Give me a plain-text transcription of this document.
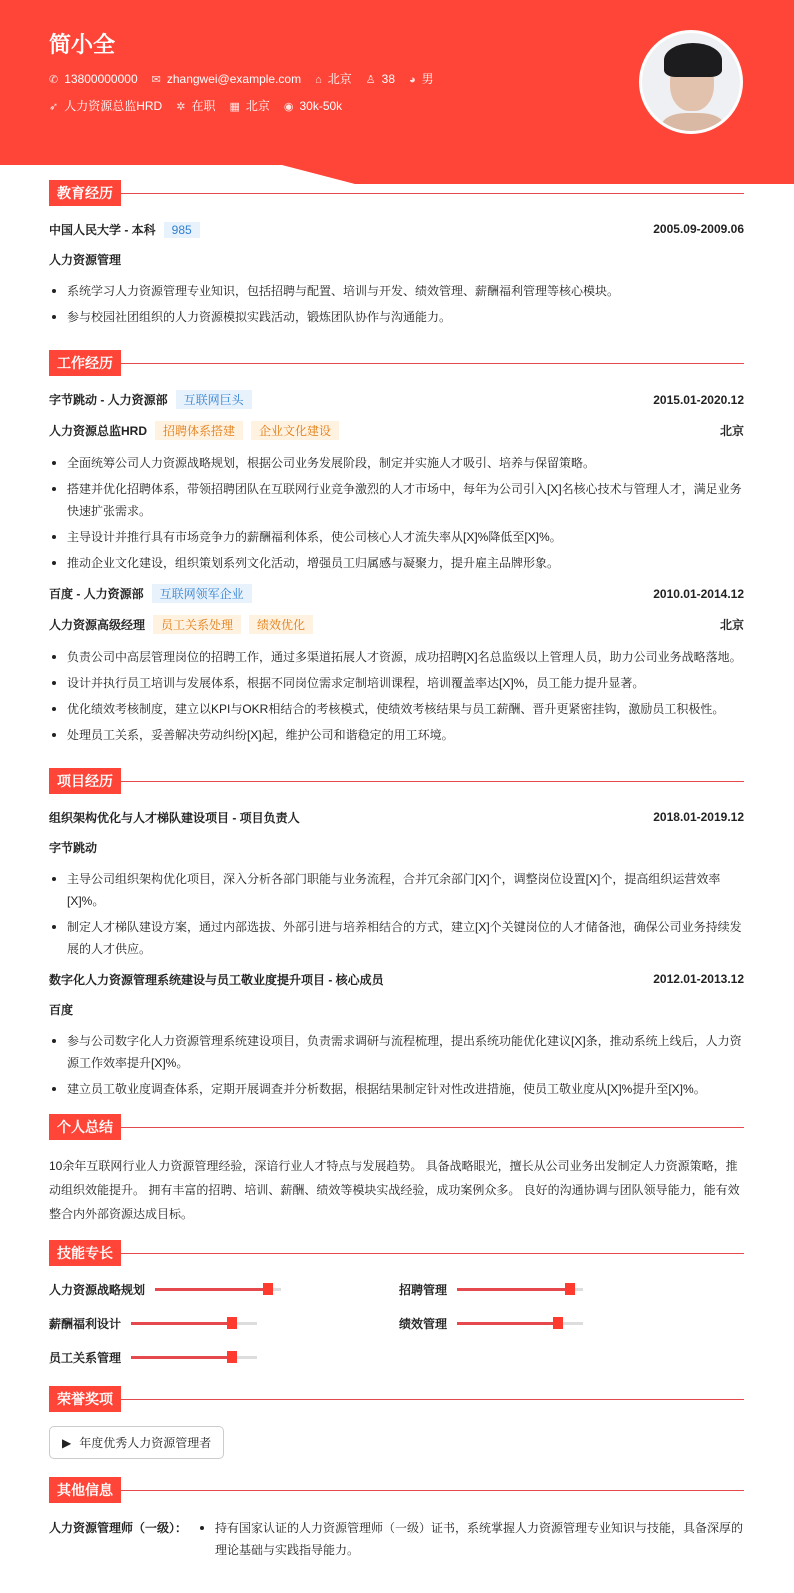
简小全
✆ 13800000000 ✉ zhangwei@example.com ⌂ 北京 ♙ 38 ◕ 男
➶ 人力资源总监HRD ✲ 在职 ▦ 北京 ◉ 30k-50k
教育经历
中国人民大学 - 本科 985	2005.09-2009.06
人力资源管理
系统学习人力资源管理专业知识，包括招聘与配置、培训与开发、绩效管理、薪酬福利管理等核心模块。
参与校园社团组织的人力资源模拟实践活动，锻炼团队协作与沟通能力。
工作经历
字节跳动 - 人力资源部 互联网巨头	2015.01-2020.12
人力资源总监HRD 招聘体系搭建 企业文化建设	北京
全面统筹公司人力资源战略规划，根据公司业务发展阶段，制定并实施人才吸引、培养与保留策略。
搭建并优化招聘体系，带领招聘团队在互联网行业竞争激烈的人才市场中，每年为公司引入[X]名核心技术与管理人才，满足业务快速扩张需求。
主导设计并推行具有市场竞争力的薪酬福利体系，使公司核心人才流失率从[X]%降低至[X]%。
推动企业文化建设，组织策划系列文化活动，增强员工归属感与凝聚力，提升雇主品牌形象。
百度 - 人力资源部 互联网领军企业	2010.01-2014.12
人力资源高级经理 员工关系处理 绩效优化	北京
负责公司中高层管理岗位的招聘工作，通过多渠道拓展人才资源，成功招聘[X]名总监级以上管理人员，助力公司业务战略落地。
设计并执行员工培训与发展体系，根据不同岗位需求定制培训课程，培训覆盖率达[X]%，员工能力提升显著。
优化绩效考核制度，建立以KPI与OKR相结合的考核模式，使绩效考核结果与员工薪酬、晋升更紧密挂钩，激励员工积极性。
处理员工关系，妥善解决劳动纠纷[X]起，维护公司和谐稳定的用工环境。
项目经历
组织架构优化与人才梯队建设项目 - 项目负责人	2018.01-2019.12
字节跳动
主导公司组织架构优化项目，深入分析各部门职能与业务流程，合并冗余部门[X]个，调整岗位设置[X]个，提高组织运营效率[X]%。
制定人才梯队建设方案，通过内部选拔、外部引进与培养相结合的方式，建立[X]个关键岗位的人才储备池，确保公司业务持续发展的人才供应。
数字化人力资源管理系统建设与员工敬业度提升项目 - 核心成员	2012.01-2013.12
百度
参与公司数字化人力资源管理系统建设项目，负责需求调研与流程梳理，提出系统功能优化建议[X]条，推动系统上线后，人力资源工作效率提升[X]%。
建立员工敬业度调查体系，定期开展调查并分析数据，根据结果制定针对性改进措施，使员工敬业度从[X]%提升至[X]%。
个人总结

10余年互联网行业人力资源管理经验，深谙行业人才特点与发展趋势。 具备战略眼光，擅长从公司业务出发制定人力资源策略，推动组织效能提升。 拥有丰富的招聘、培训、薪酬、绩效等模块实战经验，成功案例众多。 良好的沟通协调与团队领导能力，能有效整合内外部资源达成目标。

技能专长
人力资源战略规划	招聘管理
薪酬福利设计	绩效管理
员工关系管理
荣誉奖项
▶ 年度优秀人力资源管理者
其他信息
人力资源管理师（一级）：	持有国家认证的人力资源管理师（一级）证书，系统掌握人力资源管理专业知识与技能，具备深厚的理论基础与实践指导能力。
